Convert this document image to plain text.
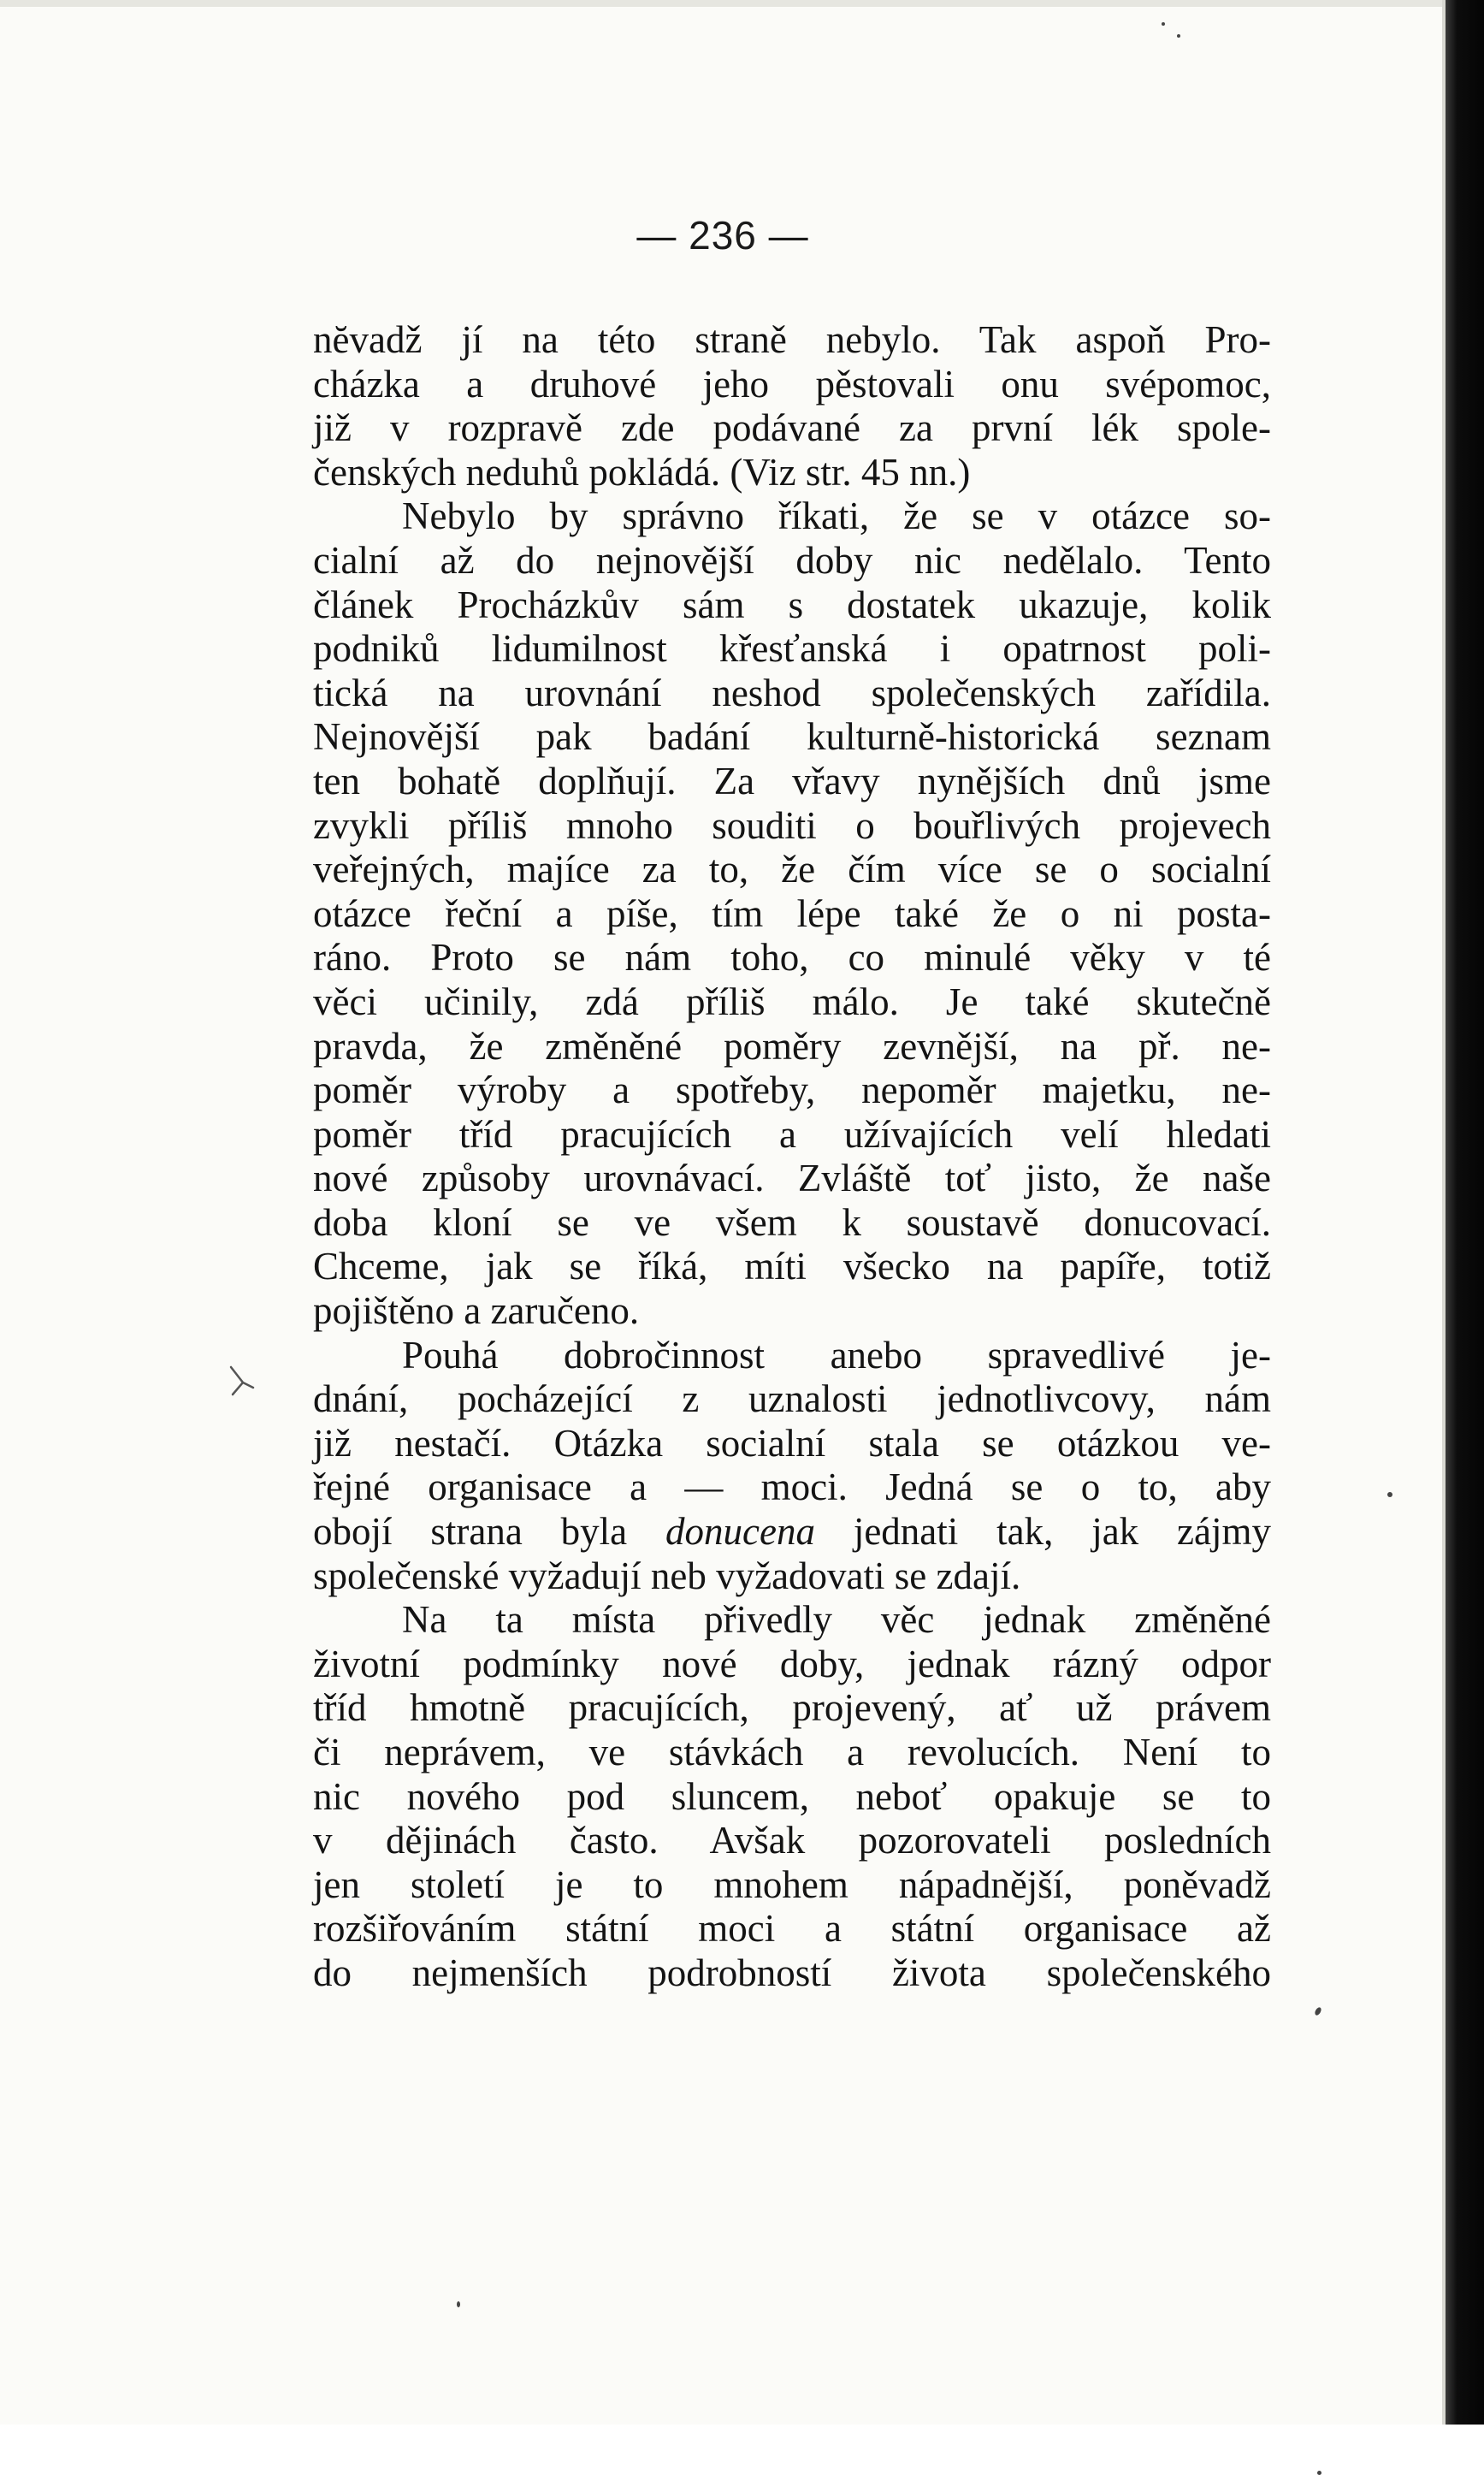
— 236 —
nĕvadž jí na této straně nebylo. Tak aspoň Pro-
cházka a druhové jeho pěstovali onu svépomoc,
již v rozpravě zde podávané za první lék spole-
čenských neduhů pokládá. (Viz str. 45 nn.)
Nebylo by správno říkati, že se v otázce so-
cialní až do nejnovější doby nic nedělalo. Tento
článek Procházkův sám s dostatek ukazuje, kolik
podniků lidumilnost křesťanská i opatrnost poli-
tická na urovnání neshod společenských zařídila.
Nejnovější pak badání kulturně-historická seznam
ten bohatě doplňují. Za vřavy nynějších dnů jsme
zvykli příliš mnoho souditi o bouřlivých projevech
veřejných, majíce za to, že čím více se o socialní
otázce řeční a píše, tím lépe také že o ni posta-
ráno. Proto se nám toho, co minulé věky v té
věci učinily, zdá příliš málo. Je také skutečně
pravda, že změněné poměry zevnější, na př. ne-
poměr výroby a spotřeby, nepoměr majetku, ne-
poměr tříd pracujících a užívajících velí hledati
nové způsoby urovnávací. Zvláště toť jisto, že naše
doba kloní se ve všem k soustavě donucovací.
Chceme, jak se říká, míti všecko na papíře, totiž
pojištěno a zaručeno.
Pouhá dobročinnost anebo spravedlivé je-
dnání, pocházející z uznalosti jednotlivcovy, nám
již nestačí. Otázka socialní stala se otázkou ve-
řejné organisace a — moci. Jedná se o to, aby
obojí strana byla donucena jednati tak, jak zájmy
společenské vyžadují neb vyžadovati se zdají.
Na ta místa přivedly věc jednak změněné
životní podmínky nové doby, jednak rázný odpor
tříd hmotně pracujících, projevený, ať už právem
či neprávem, ve stávkách a revolucích. Není to
nic nového pod sluncem, neboť opakuje se to
v dějinách často. Avšak pozorovateli posledních
jen století je to mnohem nápadnější, poněvadž
rozšiřováním státní moci a státní organisace až
do nejmenších podrobností života společenského
